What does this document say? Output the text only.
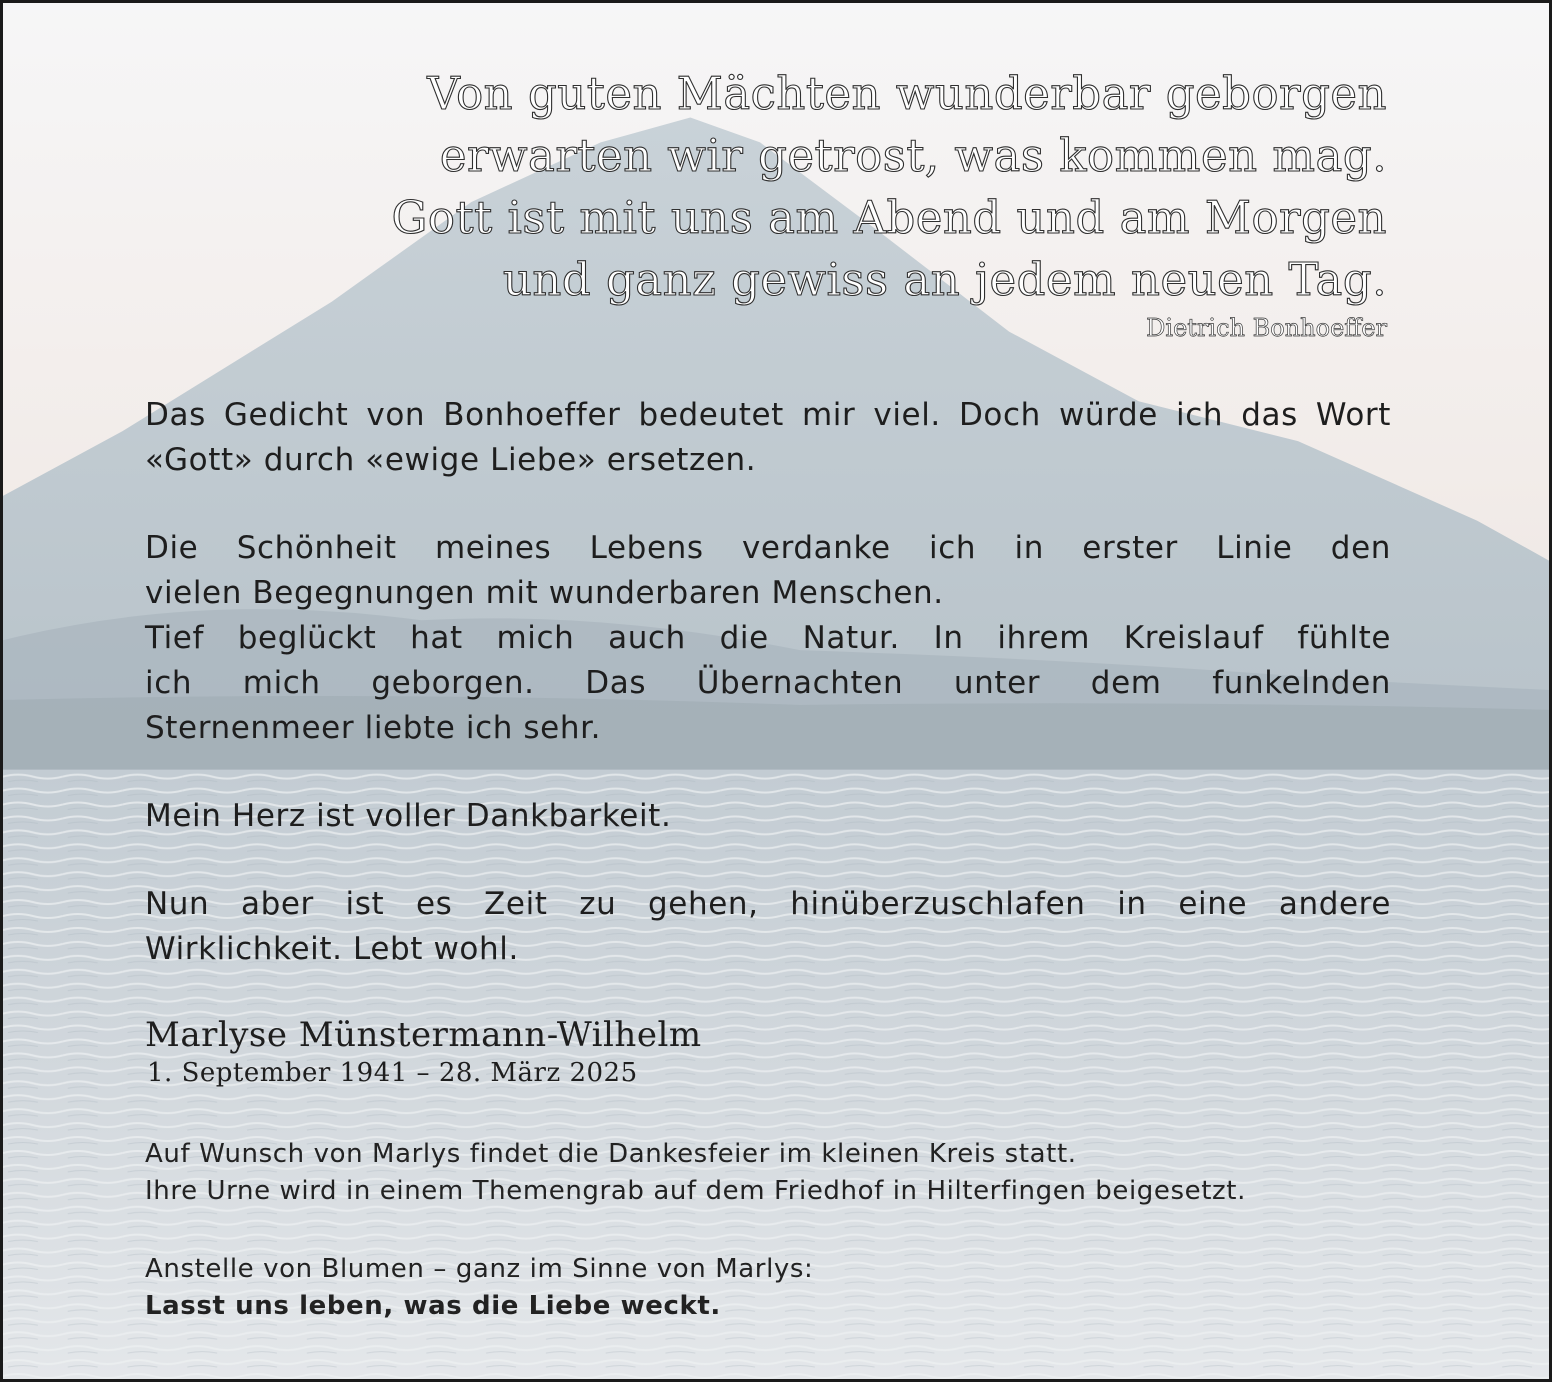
Von guten Mächten wunderbar geborgen
erwarten wir getrost, was kommen mag.
Gott ist mit uns am Abend und am Morgen
und ganz gewiss an jedem neuen Tag.
Dietrich Bonhoeffer
Das Gedicht von Bonhoeffer bedeutet mir viel. Doch würde ich das Wort «Gott» durch «ewige Liebe» ersetzen.
Die Schönheit meines Lebens verdanke ich in erster Linie den
vielen Begegnungen mit wunderbaren Menschen.
Tief beglückt hat mich auch die Natur. In ihrem Kreislauf fühlte
ich mich geborgen. Das Übernachten unter dem funkelnden
Sternenmeer liebte ich sehr.
Mein Herz ist voller Dankbarkeit.
Nun aber ist es Zeit zu gehen, hinüberzuschlafen in eine andere
Wirklichkeit. Lebt wohl.
Marlyse Münstermann-Wilhelm
1. September 1941 – 28. März 2025
Auf Wunsch von Marlys findet die Dankesfeier im kleinen Kreis statt.
Ihre Urne wird in einem Themengrab auf dem Friedhof in Hilterfingen beigesetzt.
Anstelle von Blumen – ganz im Sinne von Marlys:
Lasst uns leben, was die Liebe weckt.
